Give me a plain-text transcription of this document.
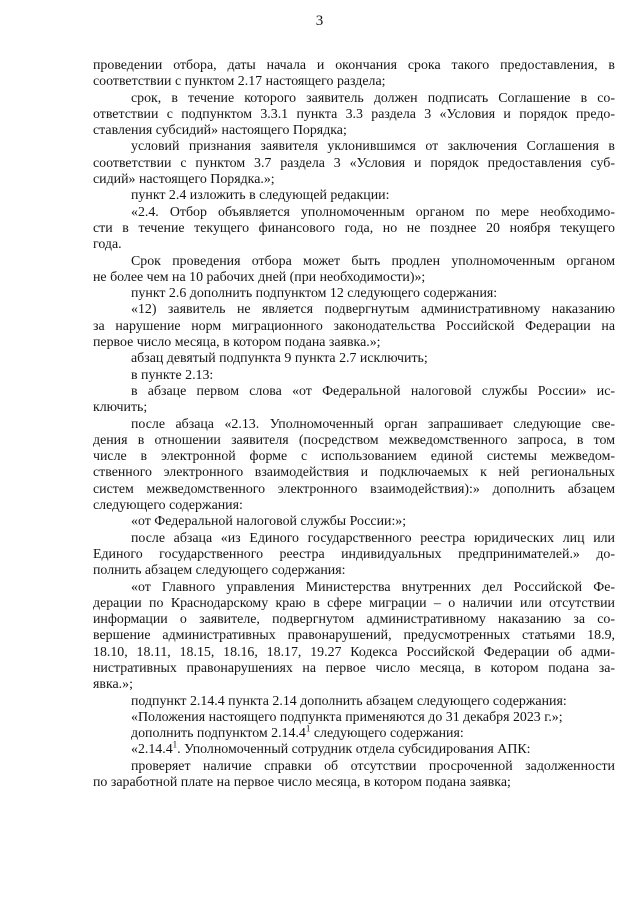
3
проведении отбора, даты начала и окончания срока такого предоставления, в
соответствии с пунктом 2.17 настоящего раздела;
срок, в течение которого заявитель должен подписать Соглашение в со-
ответствии с подпунктом 3.3.1 пункта 3.3 раздела 3 «Условия и порядок предо-
ставления субсидий» настоящего Порядка;
условий признания заявителя уклонившимся от заключения Соглашения в
соответствии с пунктом 3.7 раздела 3 «Условия и порядок предоставления суб-
сидий» настоящего Порядка.»;
пункт 2.4 изложить в следующей редакции:
«2.4. Отбор объявляется уполномоченным органом по мере необходимо-
сти в течение текущего финансового года, но не позднее 20 ноября текущего
года.
Срок проведения отбора может быть продлен уполномоченным органом
не более чем на 10 рабочих дней (при необходимости)»;
пункт 2.6 дополнить подпунктом 12 следующего содержания:
«12) заявитель не является подвергнутым административному наказанию
за нарушение норм миграционного законодательства Российской Федерации на
первое число месяца, в котором подана заявка.»;
абзац девятый подпункта 9 пункта 2.7 исключить;
в пункте 2.13:
в абзаце первом слова «от Федеральной налоговой службы России» ис-
ключить;
после абзаца «2.13. Уполномоченный орган запрашивает следующие све-
дения в отношении заявителя (посредством межведомственного запроса, в том
числе в электронной форме с использованием единой системы межведом-
ственного электронного взаимодействия и подключаемых к ней региональных
систем межведомственного электронного взаимодействия):» дополнить абзацем
следующего содержания:
«от Федеральной налоговой службы России:»;
после абзаца «из Единого государственного реестра юридических лиц или
Единого государственного реестра индивидуальных предпринимателей.» до-
полнить абзацем следующего содержания:
«от Главного управления Министерства внутренних дел Российской Фе-
дерации по Краснодарскому краю в сфере миграции – о наличии или отсутствии
информации о заявителе, подвергнутом административному наказанию за со-
вершение административных правонарушений, предусмотренных статьями 18.9,
18.10, 18.11, 18.15, 18.16, 18.17, 19.27 Кодекса Российской Федерации об адми-
нистративных правонарушениях на первое число месяца, в котором подана за-
явка.»;
подпункт 2.14.4 пункта 2.14 дополнить абзацем следующего содержания:
«Положения настоящего подпункта применяются до 31 декабря 2023 г.»;
дополнить подпунктом 2.14.4$^1$ следующего содержания:
«2.14.4$^1$. Уполномоченный сотрудник отдела субсидирования АПК:
проверяет наличие справки об отсутствии просроченной задолженности
по заработной плате на первое число месяца, в котором подана заявка;
